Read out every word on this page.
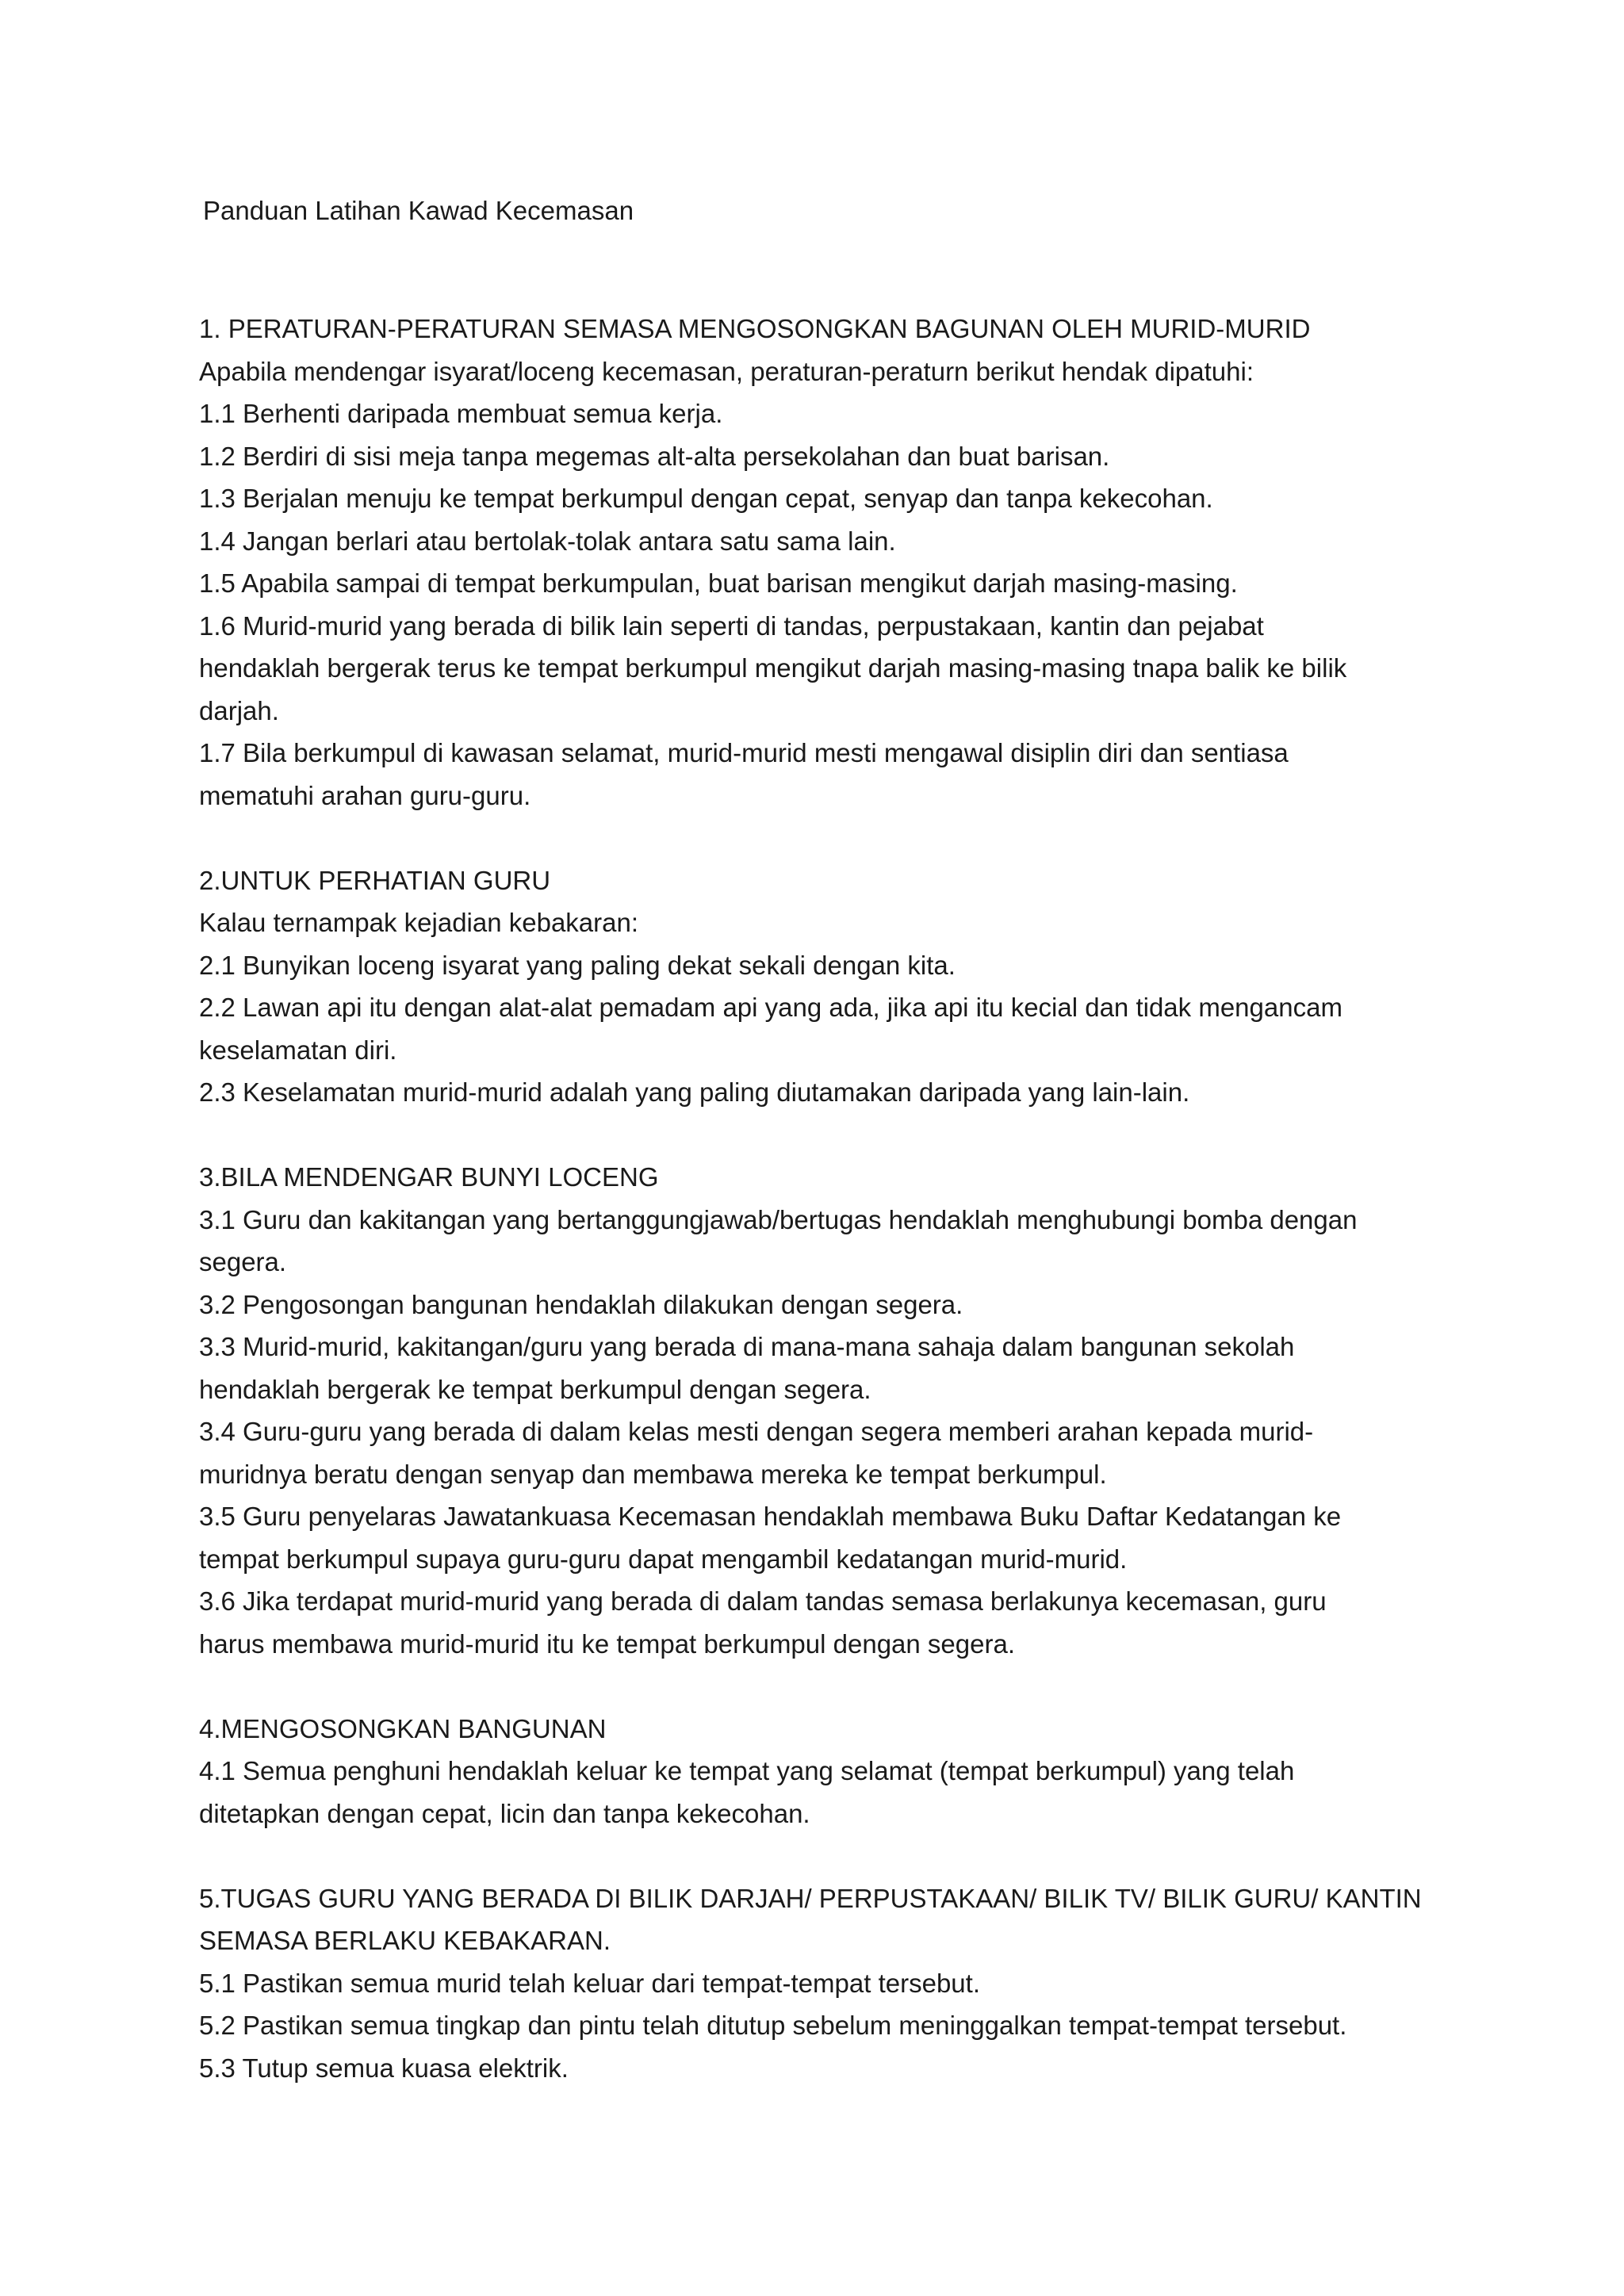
Panduan Latihan Kawad Kecemasan

1. PERATURAN-PERATURAN SEMASA MENGOSONGKAN BAGUNAN OLEH MURID-MURID

Apabila mendengar isyarat/loceng kecemasan, peraturan-peraturn berikut hendak dipatuhi:

1.1 Berhenti daripada membuat semua kerja.

1.2 Berdiri di sisi meja tanpa megemas alt-alta persekolahan dan buat barisan.

1.3 Berjalan menuju ke tempat berkumpul dengan cepat, senyap dan tanpa kekecohan.

1.4 Jangan berlari atau bertolak-tolak antara satu sama lain.

1.5 Apabila sampai di tempat berkumpulan, buat barisan mengikut darjah masing-masing.

1.6 Murid-murid yang berada di bilik lain seperti di tandas, perpustakaan, kantin dan pejabat

hendaklah bergerak terus ke tempat berkumpul mengikut darjah masing-masing tnapa balik ke bilik

darjah.

1.7 Bila berkumpul di kawasan selamat, murid-murid mesti mengawal disiplin diri dan sentiasa

mematuhi arahan guru-guru.

2.UNTUK PERHATIAN GURU

Kalau ternampak kejadian kebakaran:

2.1 Bunyikan loceng isyarat yang paling dekat sekali dengan kita.

2.2 Lawan api itu dengan alat-alat pemadam api yang ada, jika api itu kecial dan tidak mengancam

keselamatan diri.

2.3 Keselamatan murid-murid adalah yang paling diutamakan daripada yang lain-lain.

3.BILA MENDENGAR BUNYI LOCENG

3.1 Guru dan kakitangan yang bertanggungjawab/bertugas hendaklah menghubungi bomba dengan

segera.

3.2 Pengosongan bangunan hendaklah dilakukan dengan segera.

3.3 Murid-murid, kakitangan/guru yang berada di mana-mana sahaja dalam bangunan sekolah

hendaklah bergerak ke tempat berkumpul dengan segera.

3.4 Guru-guru yang berada di dalam kelas mesti dengan segera memberi arahan kepada murid-

muridnya beratu dengan senyap dan membawa mereka ke tempat berkumpul.

3.5 Guru penyelaras Jawatankuasa Kecemasan hendaklah membawa Buku Daftar Kedatangan ke

tempat berkumpul supaya guru-guru dapat mengambil kedatangan murid-murid.

3.6 Jika terdapat murid-murid yang berada di dalam tandas semasa berlakunya kecemasan, guru

harus membawa murid-murid itu ke tempat berkumpul dengan segera.

4.MENGOSONGKAN BANGUNAN

4.1 Semua penghuni hendaklah keluar ke tempat yang selamat (tempat berkumpul) yang telah

ditetapkan dengan cepat, licin dan tanpa kekecohan.

5.TUGAS GURU YANG BERADA DI BILIK DARJAH/ PERPUSTAKAAN/ BILIK TV/ BILIK GURU/ KANTIN

SEMASA BERLAKU KEBAKARAN.

5.1 Pastikan semua murid telah keluar dari tempat-tempat tersebut.

5.2 Pastikan semua tingkap dan pintu telah ditutup sebelum meninggalkan tempat-tempat tersebut.

5.3 Tutup semua kuasa elektrik.
